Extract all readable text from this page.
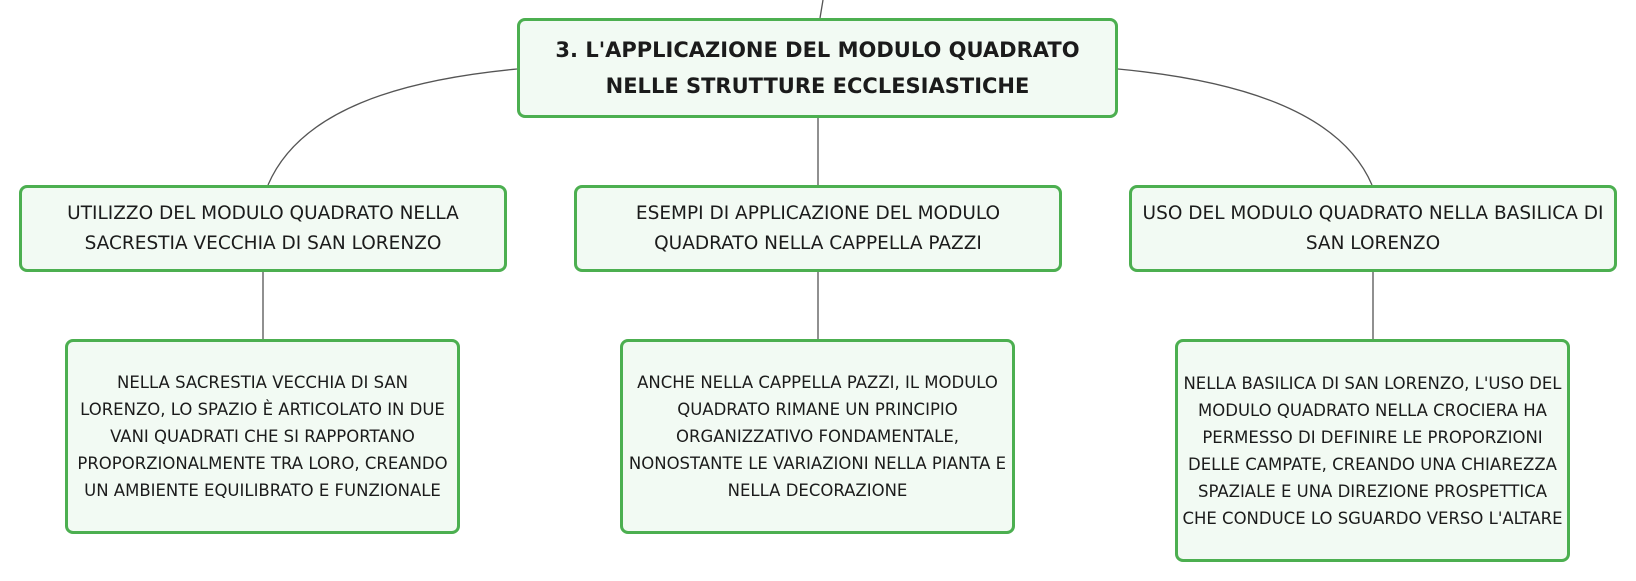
3. L'APPLICAZIONE DEL MODULO QUADRATO NELLE STRUTTURE ECCLESIASTICHE
UTILIZZO DEL MODULO QUADRATO NELLA SACRESTIA VECCHIA DI SAN LORENZO
ESEMPI DI APPLICAZIONE DEL MODULO QUADRATO NELLA CAPPELLA PAZZI
USO DEL MODULO QUADRATO NELLA BASILICA DI SAN LORENZO
NELLA SACRESTIA VECCHIA DI SAN LORENZO, LO SPAZIO È ARTICOLATO IN DUE VANI QUADRATI CHE SI RAPPORTANO PROPORZIONALMENTE TRA LORO, CREANDO UN AMBIENTE EQUILIBRATO E FUNZIONALE
ANCHE NELLA CAPPELLA PAZZI, IL MODULO QUADRATO RIMANE UN PRINCIPIO ORGANIZZATIVO FONDAMENTALE, NONOSTANTE LE VARIAZIONI NELLA PIANTA E NELLA DECORAZIONE
NELLA BASILICA DI SAN LORENZO, L'USO DEL MODULO QUADRATO NELLA CROCIERA HA PERMESSO DI DEFINIRE LE PROPORZIONI DELLE CAMPATE, CREANDO UNA CHIAREZZA SPAZIALE E UNA DIREZIONE PROSPETTICA CHE CONDUCE LO SGUARDO VERSO L'ALTARE
